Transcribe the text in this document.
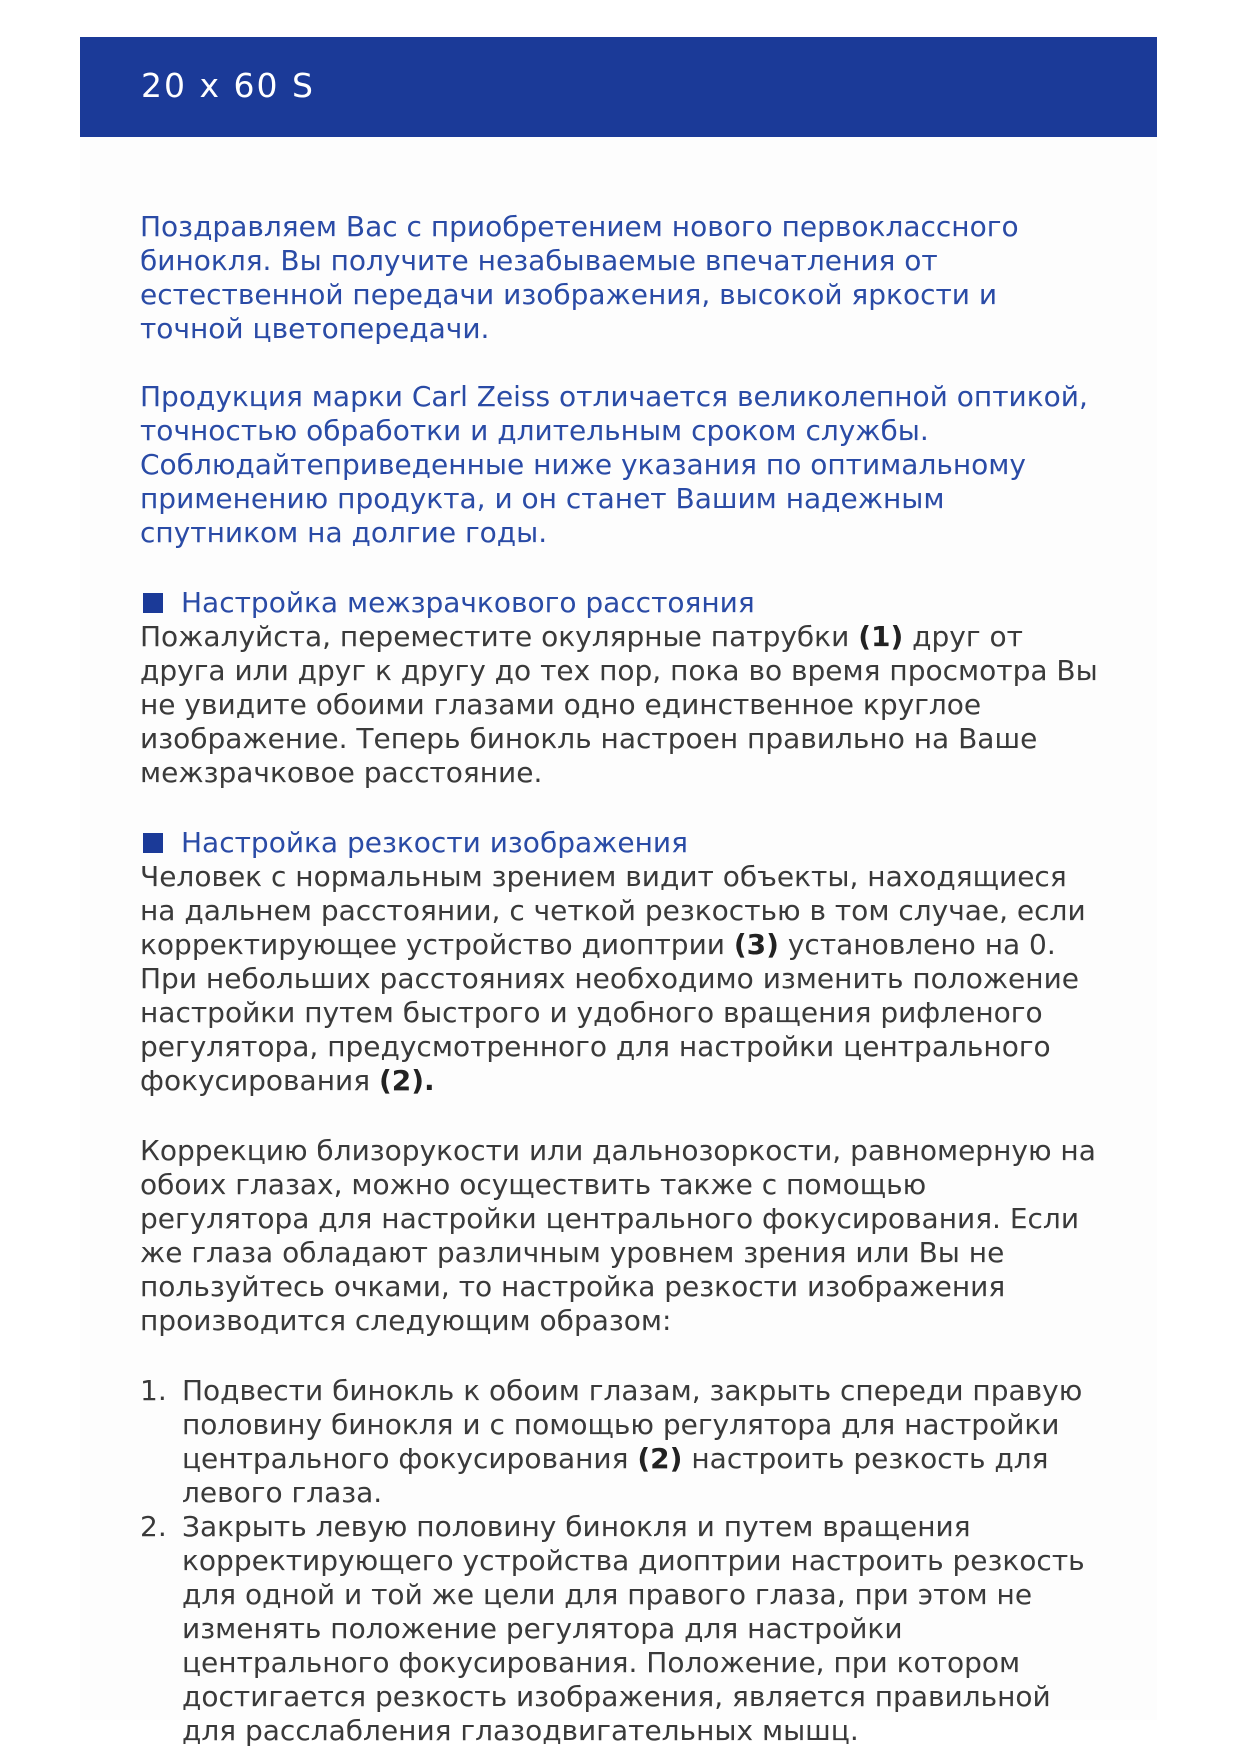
20 x 60 S

Поздравляем Вас с приобретением нового первоклассного бинокля. Вы получите незабываемые впечатления от естественной передачи изображения, высокой яркости и точной цветопередачи.

Продукция марки Carl Zeiss отличается великолепной оптикой, точностью обработки и длительным сроком службы. Соблюдайтеприведенные ниже указания по оптимальному применению продукта, и он станет Вашим надежным спутником на долгие годы.

Настройка межзрачкового расстояния

Пожалуйста, переместите окулярные патрубки (1) друг от друга или друг к другу до тех пор, пока во время просмотра Вы не увидите обоими глазами одно единственное круглое изображение. Теперь бинокль настроен правильно на Ваше межзрачковое расстояние.

Настройка резкости изображения

Человек с нормальным зрением видит объекты, находящиеся на дальнем расстоянии, с четкой резкостью в том случае, если корректирующее устройство диоптрии (3) установлено на 0. При небольших расстояниях необходимо изменить положение настройки путем быстрого и удобного вращения рифленого регулятора, предусмотренного для настройки центрального фокусирования (2).

Коррекцию близорукости или дальнозоркости, равномерную на обоих глазах, можно осуществить также с помощью регулятора для настройки центрального фокусирования. Если же глаза обладают различным уровнем зрения или Вы не пользуйтесь очками, то настройка резкости изображения производится следующим образом:

1. Подвести бинокль к обоим глазам, закрыть спереди правую половину бинокля и с помощью регулятора для настройки центрального фокусирования (2) настроить резкость для левого глаза.
2. Закрыть левую половину бинокля и путем вращения корректирующего устройства диоптрии настроить резкость для одной и той же цели для правого глаза, при этом не изменять положение регулятора для настройки центрального фокусирования. Положение, при котором достигается резкость изображения, является правильной для расслабления глазодвигательных мышц.
